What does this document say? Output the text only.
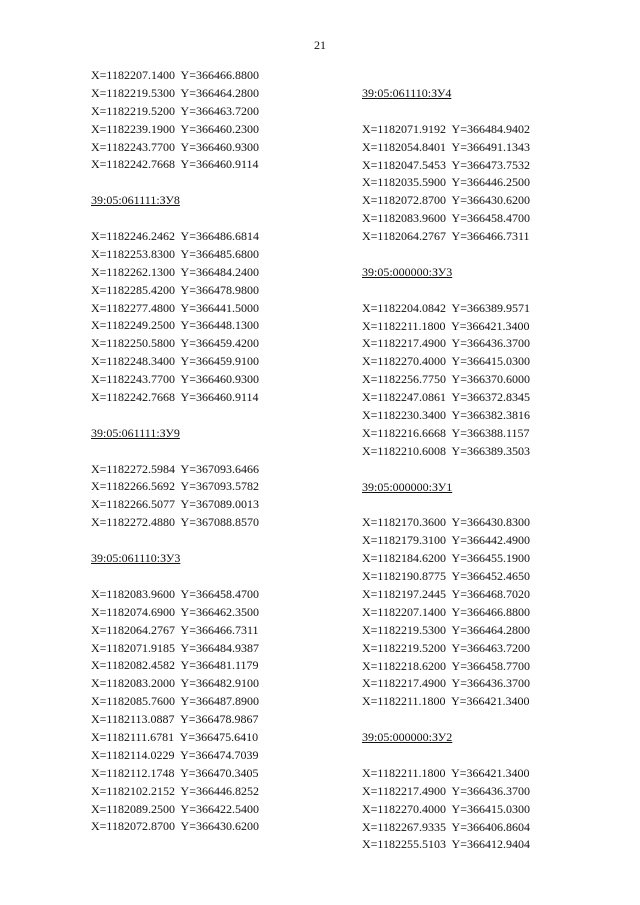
21
X=1182207.1400  Y=366466.8800
X=1182219.5300  Y=366464.2800
X=1182219.5200  Y=366463.7200
X=1182239.1900  Y=366460.2300
X=1182243.7700  Y=366460.9300
X=1182242.7668  Y=366460.9114
39:05:061111:ЗУ8
X=1182246.2462  Y=366486.6814
X=1182253.8300  Y=366485.6800
X=1182262.1300  Y=366484.2400
X=1182285.4200  Y=366478.9800
X=1182277.4800  Y=366441.5000
X=1182249.2500  Y=366448.1300
X=1182250.5800  Y=366459.4200
X=1182248.3400  Y=366459.9100
X=1182243.7700  Y=366460.9300
X=1182242.7668  Y=366460.9114
39:05:061111:ЗУ9
X=1182272.5984  Y=367093.6466
X=1182266.5692  Y=367093.5782
X=1182266.5077  Y=367089.0013
X=1182272.4880  Y=367088.8570
39:05:061110:ЗУ3
X=1182083.9600  Y=366458.4700
X=1182074.6900  Y=366462.3500
X=1182064.2767  Y=366466.7311
X=1182071.9185  Y=366484.9387
X=1182082.4582  Y=366481.1179
X=1182083.2000  Y=366482.9100
X=1182085.7600  Y=366487.8900
X=1182113.0887  Y=366478.9867
X=1182111.6781  Y=366475.6410
X=1182114.0229  Y=366474.7039
X=1182112.1748  Y=366470.3405
X=1182102.2152  Y=366446.8252
X=1182089.2500  Y=366422.5400
X=1182072.8700  Y=366430.6200
39:05:061110:ЗУ4
X=1182071.9192  Y=366484.9402
X=1182054.8401  Y=366491.1343
X=1182047.5453  Y=366473.7532
X=1182035.5900  Y=366446.2500
X=1182072.8700  Y=366430.6200
X=1182083.9600  Y=366458.4700
X=1182064.2767  Y=366466.7311
39:05:000000:ЗУ3
X=1182204.0842  Y=366389.9571
X=1182211.1800  Y=366421.3400
X=1182217.4900  Y=366436.3700
X=1182270.4000  Y=366415.0300
X=1182256.7750  Y=366370.6000
X=1182247.0861  Y=366372.8345
X=1182230.3400  Y=366382.3816
X=1182216.6668  Y=366388.1157
X=1182210.6008  Y=366389.3503
39:05:000000:ЗУ1
X=1182170.3600  Y=366430.8300
X=1182179.3100  Y=366442.4900
X=1182184.6200  Y=366455.1900
X=1182190.8775  Y=366452.4650
X=1182197.2445  Y=366468.7020
X=1182207.1400  Y=366466.8800
X=1182219.5300  Y=366464.2800
X=1182219.5200  Y=366463.7200
X=1182218.6200  Y=366458.7700
X=1182217.4900  Y=366436.3700
X=1182211.1800  Y=366421.3400
39:05:000000:ЗУ2
X=1182211.1800  Y=366421.3400
X=1182217.4900  Y=366436.3700
X=1182270.4000  Y=366415.0300
X=1182267.9335  Y=366406.8604
X=1182255.5103  Y=366412.9404
